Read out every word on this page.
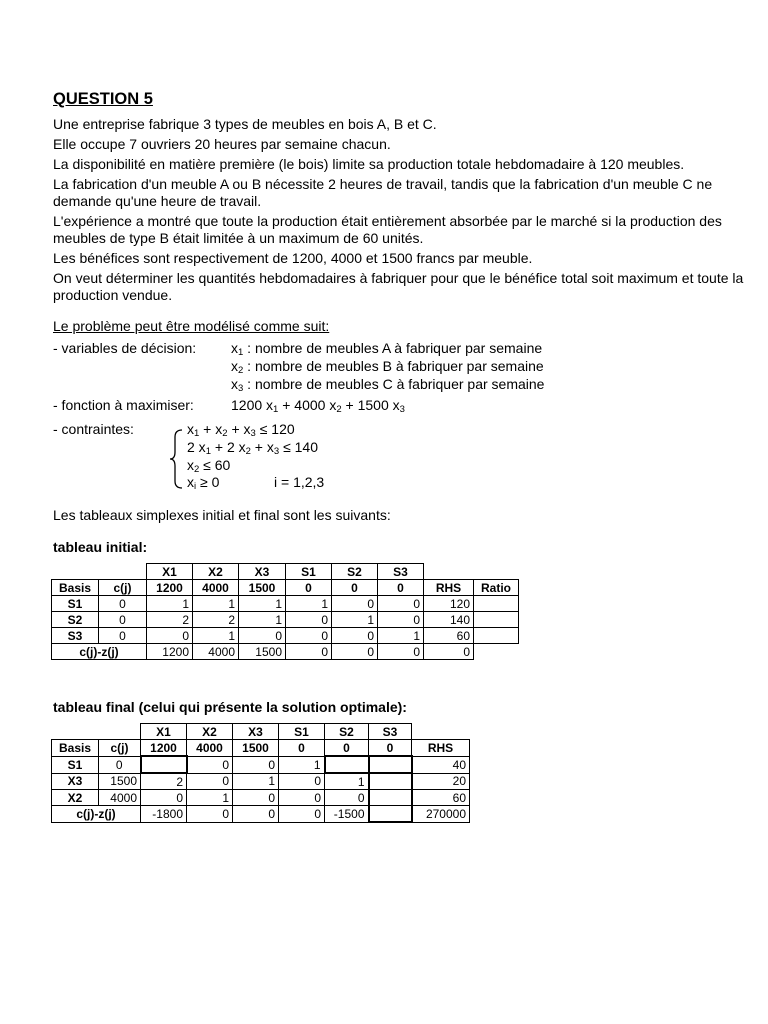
QUESTION 5

Une entreprise fabrique 3 types de meubles en bois A, B et C.

Elle occupe 7 ouvriers 20 heures par semaine chacun.

La disponibilité en matière première (le bois) limite sa production totale hebdomadaire à 120 meubles.

La fabrication d'un meuble A ou B nécessite 2 heures de travail, tandis que la fabrication d'un meuble C ne demande qu'une heure de travail.

L'expérience a montré que toute la production était entièrement absorbée par le marché si la production des meubles de type B était limitée à un maximum de 60 unités.

Les bénéfices sont respectivement de 1200, 4000 et 1500 francs par meuble.

On veut déterminer les quantités hebdomadaires à fabriquer pour que le bénéfice total soit maximum et toute la production vendue.

Le problème peut être modélisé comme suit:
- variables de décision: $x_1$ : nombre de meubles A à fabriquer par semaine
$x_2$ : nombre de meubles B à fabriquer par semaine
$x_3$ : nombre de meubles C à fabriquer par semaine
- fonction à maximiser:	1200 $x_1 + 4000$ $x_2 + 1500$ $x_3$
- contraintes:	$x_1 + x_2 + x_3 \le 120$
2 $x_1 + 2$ $x_2 + x_3 \le 140$
$x_2 \le 60$
$x_i \ge 0$	i = 1,2,3
Les tableaux simplexes initial et final sont les suivants:
tableau initial:
		X1	X2	X3	S1	S2	S3		
Basis	c(j)	1200	4000	1500	0	0	0	RHS	Ratio
S1	0	1	1	1	1	0	0	120	
S2	0	2	2	1	0	1	0	140	
S3	0	0	1	0	0	0	1	60	
c(j)-z(j)		1200	4000	1500	0	0	0	0	
tableau final (celui qui présente la solution optimale):
		X1	X2	X3	S1	S2	S3	
Basis	c(j)	1200	4000	1500	0	0	0	RHS
S1	0		0	0	1			40
X3	1500	2	0	1	0	1		20
X2	4000	0	1	0	0	0		60
c(j)-z(j)		-1800	0	0	0	-1500		270000
